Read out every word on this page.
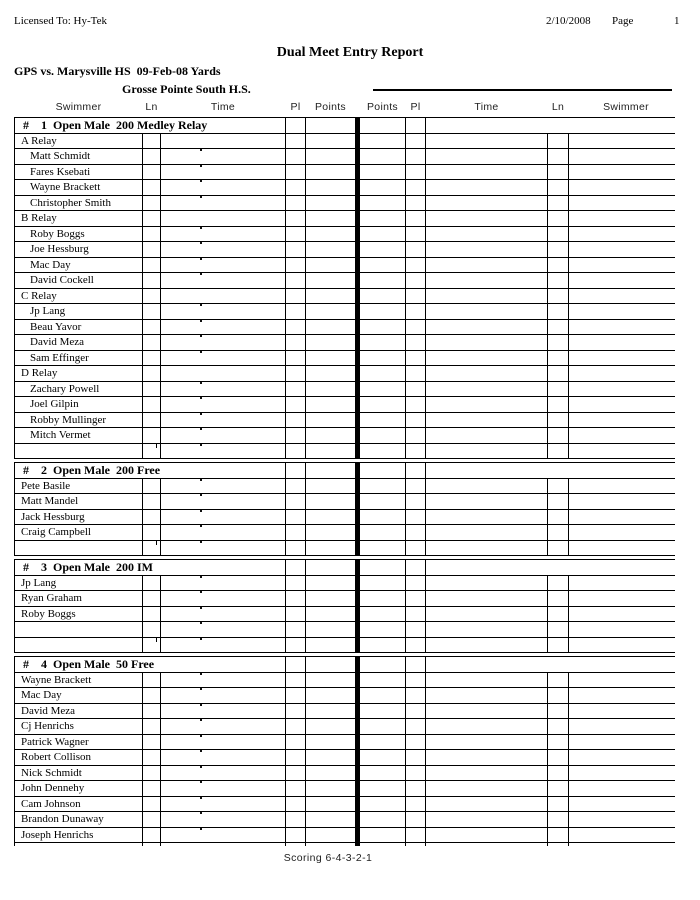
Licensed To: Hy-Tek	2/10/2008 Page	1
Dual Meet Entry Report
GPS vs. Marysville HS  09-Feb-08 Yards
Grosse Pointe South H.S.
Swimmer	Ln	Time	Pl	Points	Points	Pl	Time	Ln	Swimmer
#    1  Open Male  200 Medley Relay
A Relay
Matt Schmidt
Fares Ksebati
Wayne Brackett
Christopher Smith
B Relay
Roby Boggs
Joe Hessburg
Mac Day
David Cockell
C Relay
Jp Lang
Beau Yavor
David Meza
Sam Effinger
D Relay
Zachary Powell
Joel Gilpin
Robby Mullinger
Mitch Vermet
#    2  Open Male  200 Free
Pete Basile
Matt Mandel
Jack Hessburg
Craig Campbell
#    3  Open Male  200 IM
Jp Lang
Ryan Graham
Roby Boggs
#    4  Open Male  50 Free
Wayne Brackett
Mac Day
David Meza
Cj Henrichs
Patrick Wagner
Robert Collison
Nick Schmidt
John Dennehy
Cam Johnson
Brandon Dunaway
Joseph Henrichs
Scoring 6-4-3-2-1
